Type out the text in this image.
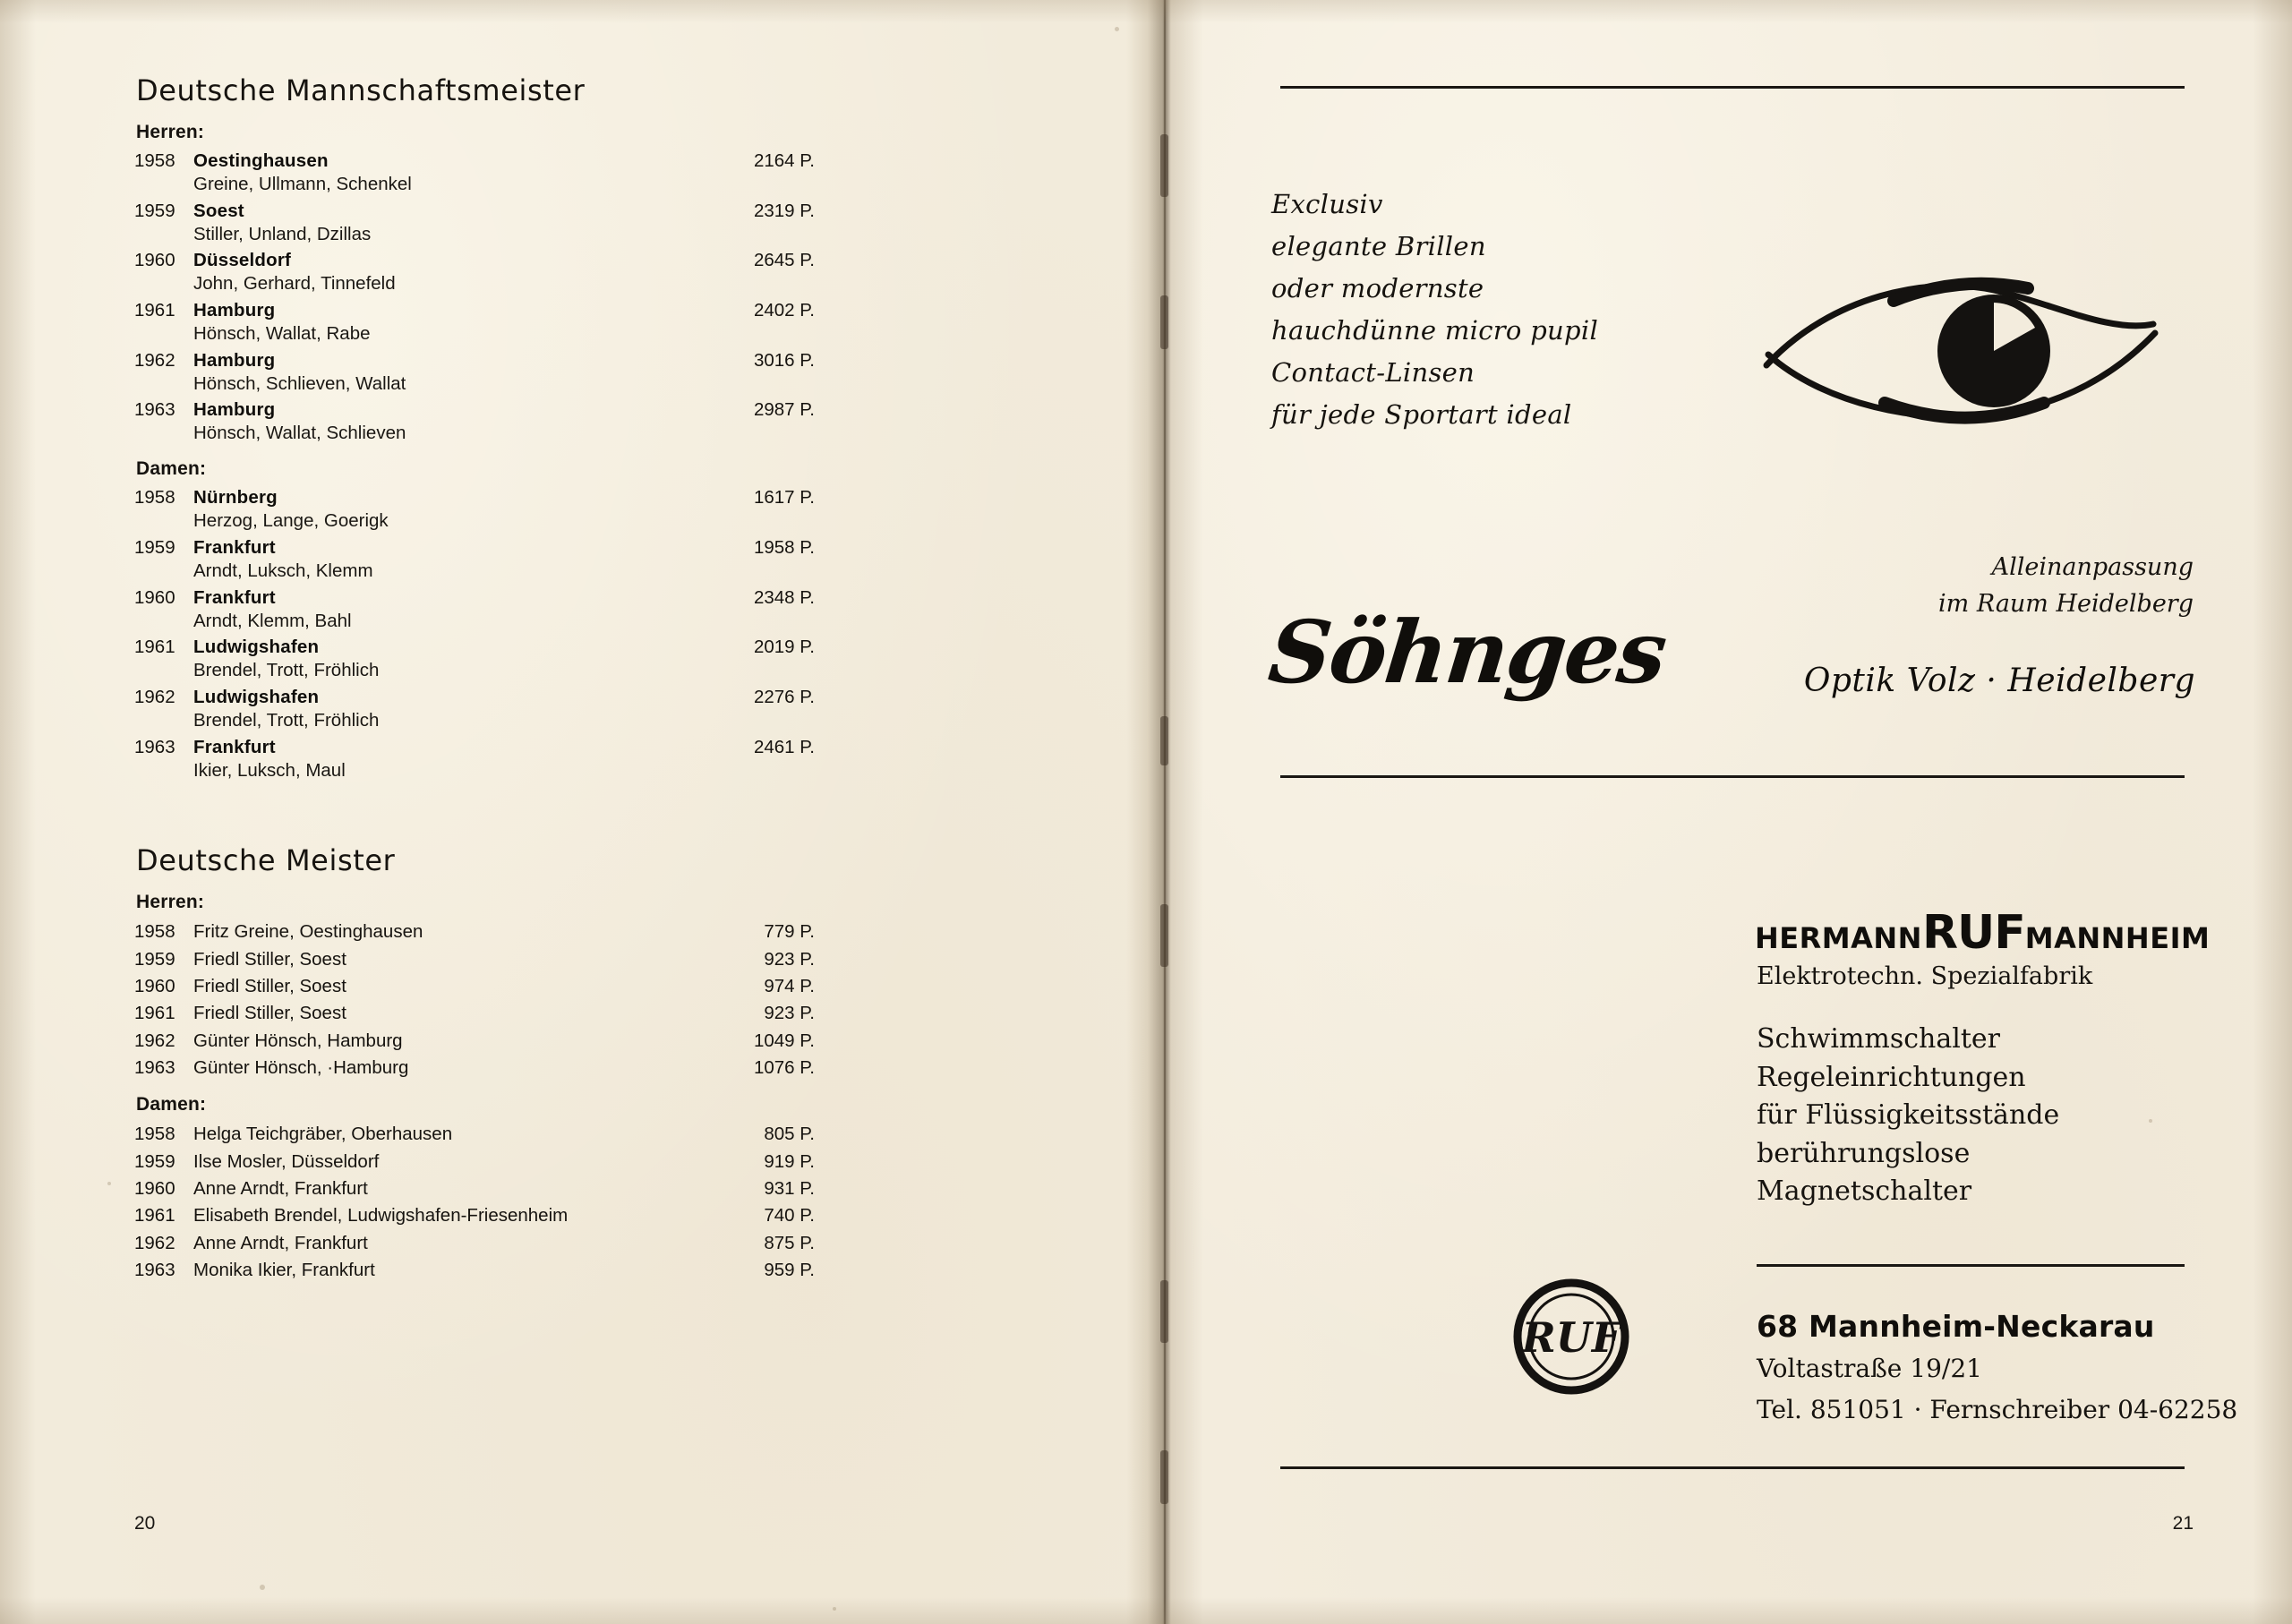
Deutsche Mannschaftsmeister
Herren:
1958 Oestinghausen	2164 P.
Greine, Ullmann, Schenkel
1959 Soest	2319 P.
Stiller, Unland, Dzillas
1960 Düsseldorf	2645 P.
John, Gerhard, Tinnefeld
1961 Hamburg	2402 P.
Hönsch, Wallat, Rabe
1962 Hamburg	3016 P.
Hönsch, Schlieven, Wallat
1963 Hamburg	2987 P.
Hönsch, Wallat, Schlieven
Damen:
1958 Nürnberg	1617 P.
Herzog, Lange, Goerigk
1959 Frankfurt	1958 P.
Arndt, Luksch, Klemm
1960 Frankfurt	2348 P.
Arndt, Klemm, Bahl
1961 Ludwigshafen	2019 P.
Brendel, Trott, Fröhlich
1962 Ludwigshafen	2276 P.
Brendel, Trott, Fröhlich
1963 Frankfurt	2461 P.
Ikier, Luksch, Maul
Deutsche Meister
Herren:
1958 Fritz Greine, Oestinghausen	779 P.
1959 Friedl Stiller, Soest	923 P.
1960 Friedl Stiller, Soest	974 P.
1961 Friedl Stiller, Soest	923 P.
1962 Günter Hönsch, Hamburg	1049 P.
1963 Günter Hönsch, ·Hamburg	1076 P.
Damen:
1958 Helga Teichgräber, Oberhausen	805 P.
1959 Ilse Mosler, Düsseldorf	919 P.
1960 Anne Arndt, Frankfurt	931 P.
1961 Elisabeth Brendel, Ludwigshafen-Friesenheim	740 P.
1962 Anne Arndt, Frankfurt	875 P.
1963 Monika Ikier, Frankfurt	959 P.
20
Exclusiv
elegante Brillen
oder modernste
hauchdünne micro pupil
Contact-Linsen
für jede Sportart ideal
Söhnges
Alleinanpassung
im Raum Heidelberg
Optik Volz · Heidelberg
HERMANNRUFMANNHEIM
Elektrotechn. Spezialfabrik
Schwimmschalter
Regeleinrichtungen
für Flüssigkeitsstände
berührungslose
Magnetschalter
RUF	68 Mannheim-Neckarau
Voltastraße 19/21
Tel. 851051 · Fernschreiber 04-62258
21
